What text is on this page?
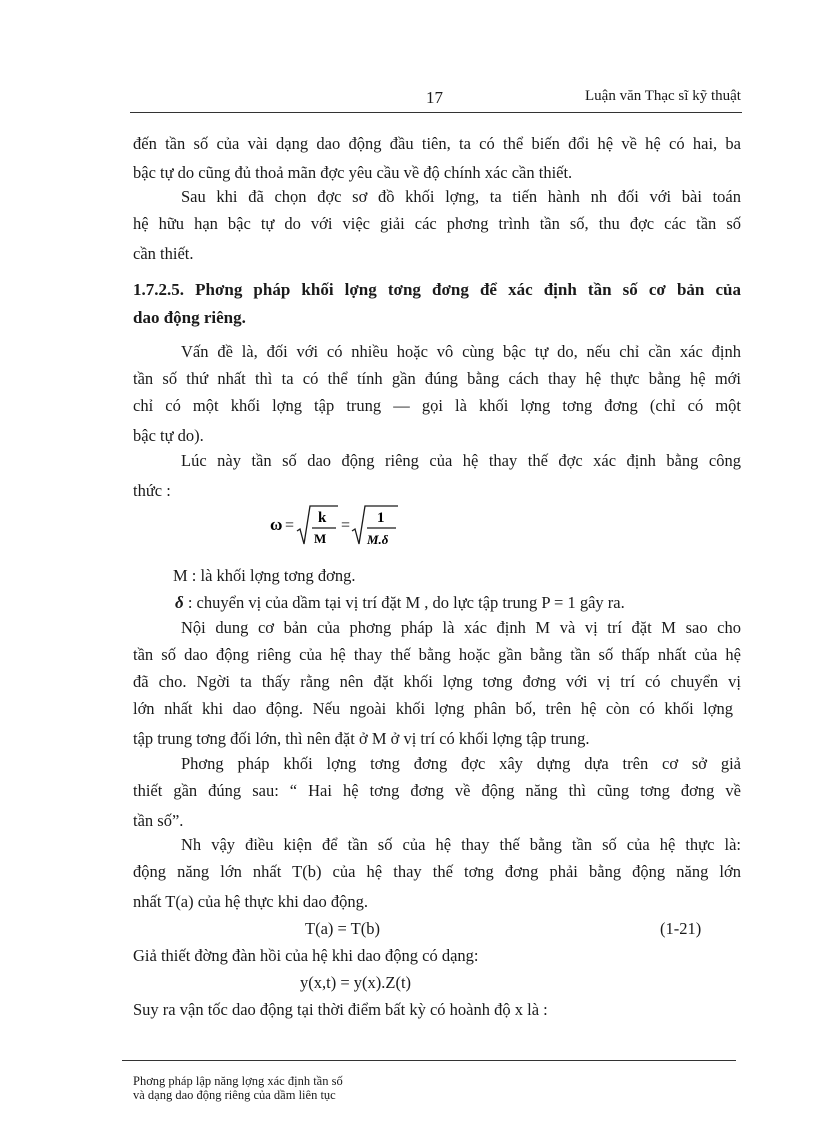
17	Luận văn Thạc sĩ kỹ thuật
đến tần số của vài dạng dao động đầu tiên, ta có thể biến đổi hệ về hệ có hai, ba
bậc tự do cũng đủ thoả mãn đợc yêu cầu về độ chính xác cần thiết.
Sau khi đã chọn đợc sơ đồ khối lợng, ta tiến hành nh đối với bài toán
hệ hữu hạn bậc tự do với việc giải các phơng trình tần số, thu đợc các tần số
cần thiết.
1.7.2.5. Phơng pháp khối lợng tơng đơng để xác định tần số cơ bản của
dao động riêng.
Vấn đề là, đối với có nhiều hoặc vô cùng bậc tự do, nếu chỉ cần xác định
tần số thứ nhất thì ta có thể tính gần đúng bằng cách thay hệ thực bằng hệ mới
chỉ có một khối lợng tập trung — gọi là khối lợng tơng đơng (chỉ có một
bậc tự do).
Lúc này tần số dao động riêng của hệ thay thế đợc xác định bằng công
thức :
ω = k
M
= 1
M.δ
M : là khối lợng tơng đơng.
δ : chuyển vị của dầm tại vị trí đặt M , do lực tập trung P = 1 gây ra.
Nội dung cơ bản của phơng pháp là xác định M và vị trí đặt M sao cho
tần số dao động riêng của hệ thay thế bằng hoặc gần bằng tần số thấp nhất của hệ
đã cho. Ngời ta thấy rằng nên đặt khối lợng tơng đơng với vị trí có chuyển vị
lớn nhất khi dao động. Nếu ngoài khối lợng phân bố, trên hệ còn có khối lợng
tập trung tơng đối lớn, thì nên đặt ở M ở vị trí có khối lợng tập trung.
Phơng pháp khối lợng tơng đơng đợc xây dựng dựa trên cơ sở giả
thiết gần đúng sau: “ Hai hệ tơng đơng về động năng thì cũng tơng đơng về
tần số”.
Nh vậy điều kiện để tần số của hệ thay thế bằng tần số của hệ thực là:
động năng lớn nhất T(b) của hệ thay thế tơng đơng phải bằng động năng lớn
nhất T(a) của hệ thực khi dao động.
T(a) = T(b)	(1-21)
Giả thiết đờng đàn hồi của hệ khi dao động có dạng:
y(x,t) = y(x).Z(t)
Suy ra vận tốc dao động tại thời điểm bất kỳ có hoành độ x là :
Phơng pháp lập năng lợng xác định tần số
và dạng dao động riêng của dầm liên tục
